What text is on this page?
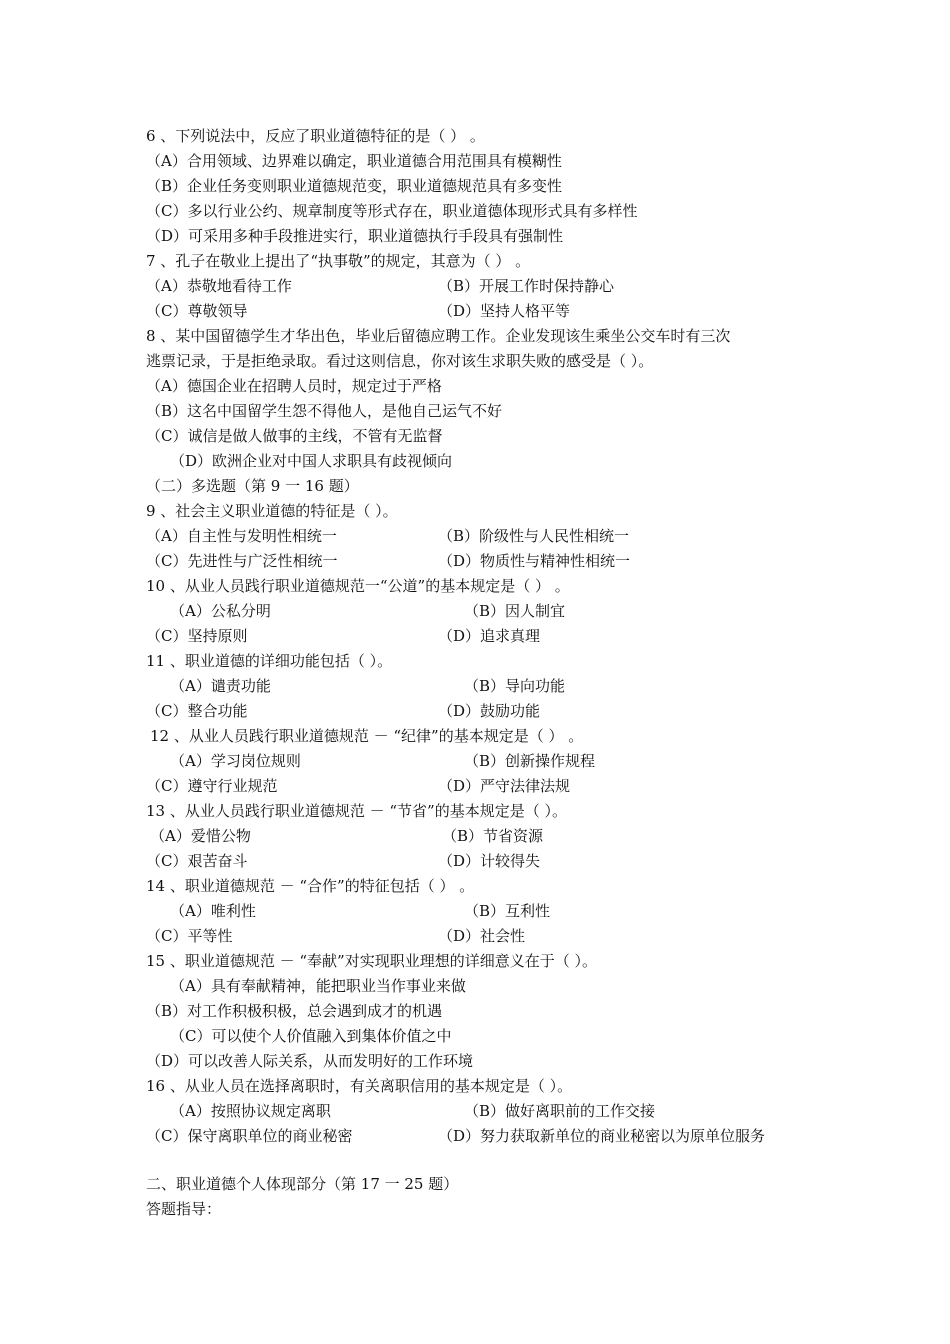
6 、下列说法中，反应了职业道德特征的是（ ） 。
（A）合用领域、边界难以确定，职业道德合用范围具有模糊性
（B）企业任务变则职业道德规范变，职业道德规范具有多变性
（C）多以行业公约、规章制度等形式存在，职业道德体现形式具有多样性
（D）可采用多种手段推进实行，职业道德执行手段具有强制性
7 、孔子在敬业上提出了“执事敬”的规定，其意为（ ） 。
（A）恭敬地看待工作	（B）开展工作时保持静心
（C）尊敬领导	（D）坚持人格平等
8 、某中国留德学生才华出色，毕业后留德应聘工作。企业发现该生乘坐公交车时有三次
逃票记录，于是拒绝录取。看过这则信息，你对该生求职失败的感受是（ ）。
（A）德国企业在招聘人员时，规定过于严格
（B）这名中国留学生怨不得他人，是他自己运气不好
（C）诚信是做人做事的主线，不管有无监督
（D）欧洲企业对中国人求职具有歧视倾向
（二）多选题（第 9 一 16 题）
9 、社会主义职业道德的特征是（ ）。
（A）自主性与发明性相统一	（B）阶级性与人民性相统一
（C）先进性与广泛性相统一	（D）物质性与精神性相统一
10 、从业人员践行职业道德规范一“公道”的基本规定是（ ） 。
（A）公私分明	（B）因人制宜
（C）坚持原则	（D）追求真理
11 、职业道德的详细功能包括（ ）。
（A）谴责功能	（B）导向功能
（C）整合功能	（D）鼓励功能
12 、从业人员践行职业道德规范 － “纪律”的基本规定是（ ） 。
（A）学习岗位规则	（B）创新操作规程
（C）遵守行业规范	（D）严守法律法规
13 、从业人员践行职业道德规范 － “节省”的基本规定是（ ）。
（A）爱惜公物	（B）节省资源
（C）艰苦奋斗	（D）计较得失
14 、职业道德规范 － “合作”的特征包括（ ） 。
（A）唯利性	（B）互利性
（C）平等性	（D）社会性
15 、职业道德规范 － “奉献”对实现职业理想的详细意义在于（ ）。
（A）具有奉献精神，能把职业当作事业来做
（B）对工作积极积极，总会遇到成才的机遇
（C）可以使个人价值融入到集体价值之中
（D）可以改善人际关系，从而发明好的工作环境
16 、从业人员在选择离职时，有关离职信用的基本规定是（ ）。
（A）按照协议规定离职	（B）做好离职前的工作交接
（C）保守离职单位的商业秘密	（D）努力获取新单位的商业秘密以为原单位服务
二、职业道德个人体现部分（第 17 一 25 题）
答题指导：
